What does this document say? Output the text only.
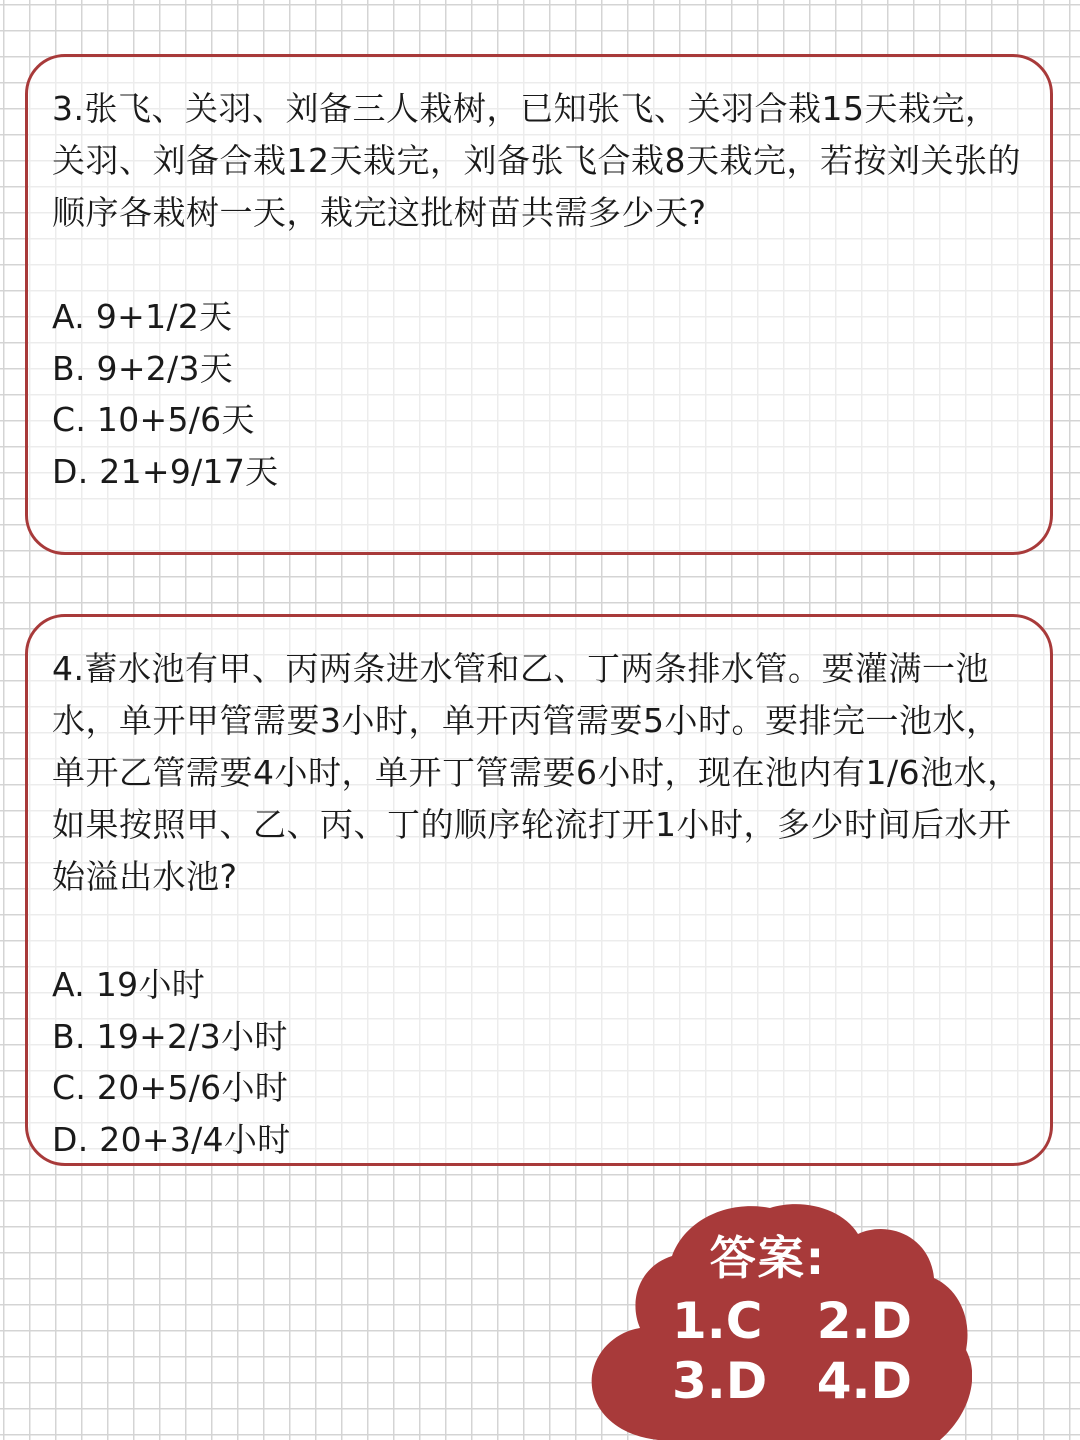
3.张飞、关羽、刘备三人栽树，已知张飞、关羽合栽15天栽完，关羽、刘备合栽12天栽完，刘备张飞合栽8天栽完，若按刘关张的顺序各栽树一天，栽完这批树苗共需多少天?

A. 9+1/2天
B. 9+2/3天
C. 10+5/6天
D. 21+9/17天

4.蓄水池有甲、丙两条进水管和乙、丁两条排水管。要灌满一池水，单开甲管需要3小时，单开丙管需要5小时。要排完一池水，单开乙管需要4小时，单开丁管需要6小时，现在池内有1/6池水，如果按照甲、乙、丙、丁的顺序轮流打开1小时，多少时间后水开始溢出水池?

A. 19小时
B. 19+2/3小时
C. 20+5/6小时
D. 20+3/4小时
答案:
1.C 2.D
3.D 4.D
